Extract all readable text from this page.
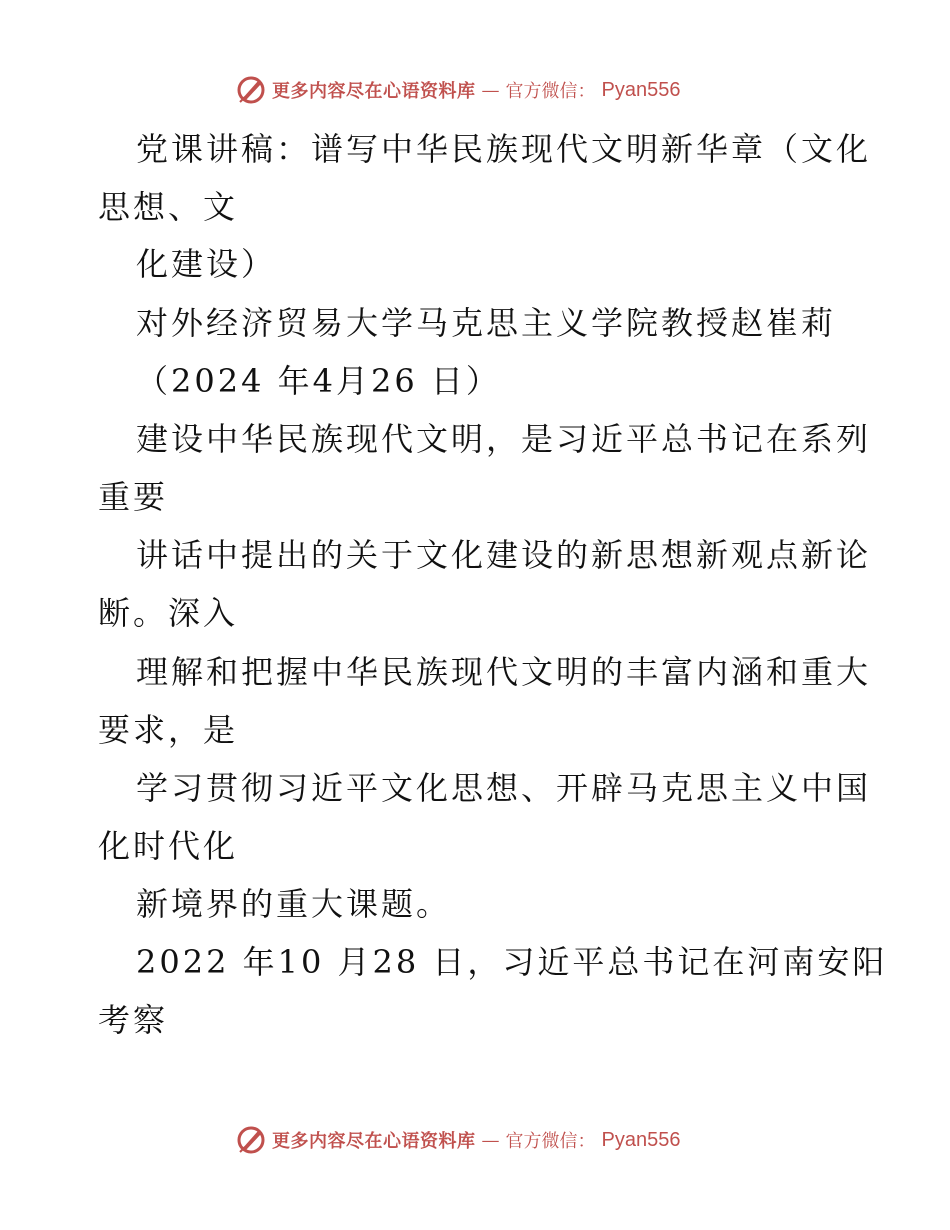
更多内容尽在心语资料库 — 官方微信： Pyan556
党课讲稿：谱写中华民族现代文明新华章（文化
思想、文
化建设）
对外经济贸易大学马克思主义学院教授赵崔莉
（2024 年4月26 日）
建设中华民族现代文明，是习近平总书记在系列
重要
讲话中提出的关于文化建设的新思想新观点新论
断。深入
理解和把握中华民族现代文明的丰富内涵和重大
要求，是
学习贯彻习近平文化思想、开辟马克思主义中国
化时代化
新境界的重大课题。
2022 年10 月28 日，习近平总书记在河南安阳
考察
更多内容尽在心语资料库 — 官方微信： Pyan556
